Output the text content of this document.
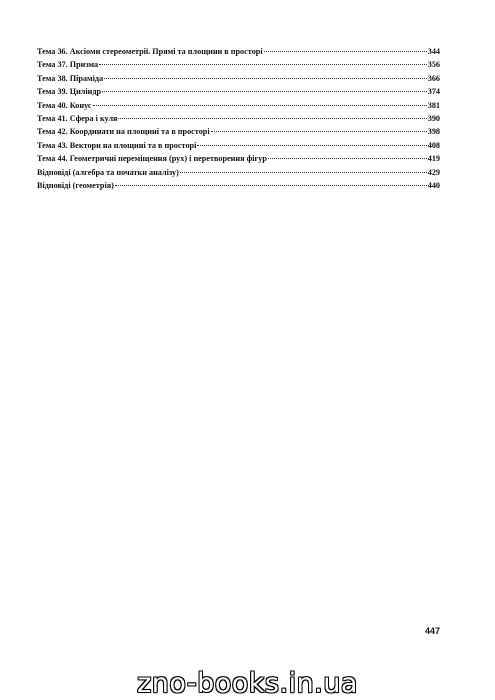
Тема 36. Аксіоми стереометрії. Прямі та площини в просторі	344
Тема 37. Призма	356
Тема 38. Піраміда	366
Тема 39. Циліндр	374
Тема 40. Конус	381
Тема 41. Сфера і куля	390
Тема 42. Координати на площині та в просторі	398
Тема 43. Вектори на площині та в просторі	408
Тема 44. Геометричні переміщення (рух) і перетворення фігур	419
Відповіді (алгебра та початки аналізу)	429
Відповіді (геометрія)	440
447
zno-books.in.ua
